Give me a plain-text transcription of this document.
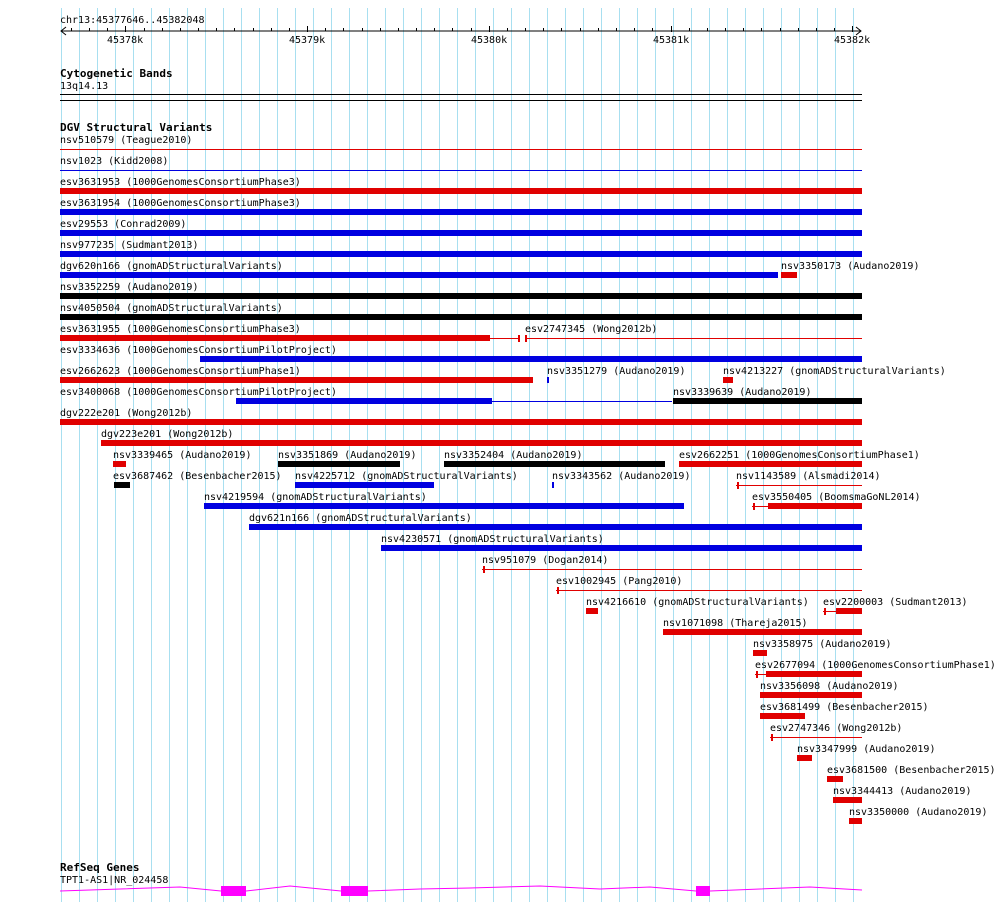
chr13:45377646..45382048
45378k	45379k	45380k	45381k	45382k
Cytogenetic Bands
13q14.13
DGV Structural Variants
nsv510579 (Teague2010)
nsv1023 (Kidd2008)
esv3631953 (1000GenomesConsortiumPhase3)
esv3631954 (1000GenomesConsortiumPhase3)
esv29553 (Conrad2009)
nsv977235 (Sudmant2013)
dgv620n166 (gnomADStructuralVariants)	nsv3350173 (Audano2019)
nsv3352259 (Audano2019)
nsv4050504 (gnomADStructuralVariants)
esv3631955 (1000GenomesConsortiumPhase3)	esv2747345 (Wong2012b)
esv3334636 (1000GenomesConsortiumPilotProject)
esv2662623 (1000GenomesConsortiumPhase1)	nsv3351279 (Audano2019)	nsv4213227 (gnomADStructuralVariants)
esv3400068 (1000GenomesConsortiumPilotProject)	nsv3339639 (Audano2019)
dgv222e201 (Wong2012b)
dgv223e201 (Wong2012b)
nsv3339465 (Audano2019)	nsv3351869 (Audano2019)	nsv3352404 (Audano2019)	esv2662251 (1000GenomesConsortiumPhase1)
esv3687462 (Besenbacher2015) nsv4225712 (gnomADStructuralVariants)	nsv3343562 (Audano2019)	nsv1143589 (Alsmadi2014)
nsv4219594 (gnomADStructuralVariants)	esv3550405 (BoomsmaGoNL2014)
dgv621n166 (gnomADStructuralVariants)
nsv4230571 (gnomADStructuralVariants)
nsv951079 (Dogan2014)
esv1002945 (Pang2010)
nsv4216610 (gnomADStructuralVariants) esv2200003 (Sudmant2013)
nsv1071098 (Thareja2015)
nsv3358975 (Audano2019)
esv2677094 (1000GenomesConsortiumPhase1)
nsv3356098 (Audano2019)
esv3681499 (Besenbacher2015)
esv2747346 (Wong2012b)
nsv3347999 (Audano2019)
esv3681500 (Besenbacher2015)
nsv3344413 (Audano2019)
nsv3350000 (Audano2019)
RefSeq Genes
TPT1-AS1|NR_024458
